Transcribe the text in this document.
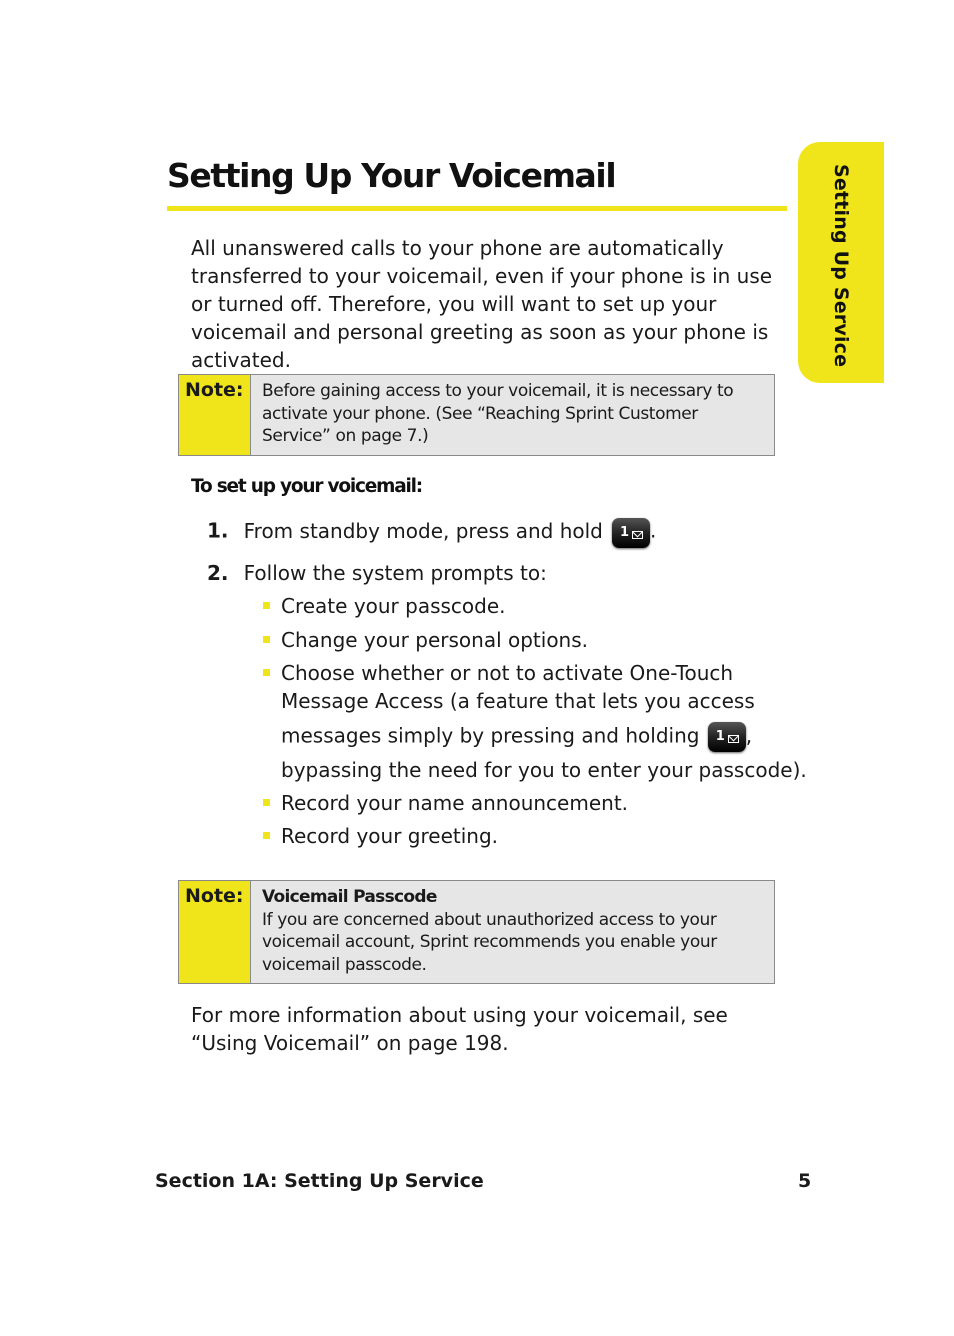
Setting Up Your Voicemail	Setting Up Service
All unanswered calls to your phone are automatically transferred to your voicemail, even if your phone is in use or turned off. Therefore, you will want to set up your voicemail and personal greeting as soon as your phone is activated.
Note:	Before gaining access to your voicemail, it is necessary to activate your phone. (See “Reaching Sprint Customer Service” on page 7.)
To set up your voicemail:
1. From standby mode, press and hold 1 .
2. Follow the system prompts to:
Create your passcode.
Change your personal options.
Choose whether or not to activate One-Touch
Message Access (a feature that lets you access
messages simply by pressing and holding 1 ,
bypassing the need for you to enter your passcode).
Record your name announcement.
Record your greeting.
Note:	Voicemail Passcode
If you are concerned about unauthorized access to your voicemail account, Sprint recommends you enable your voicemail passcode.
For more information about using your voicemail, see “Using Voicemail” on page 198.
Section 1A: Setting Up Service	5
